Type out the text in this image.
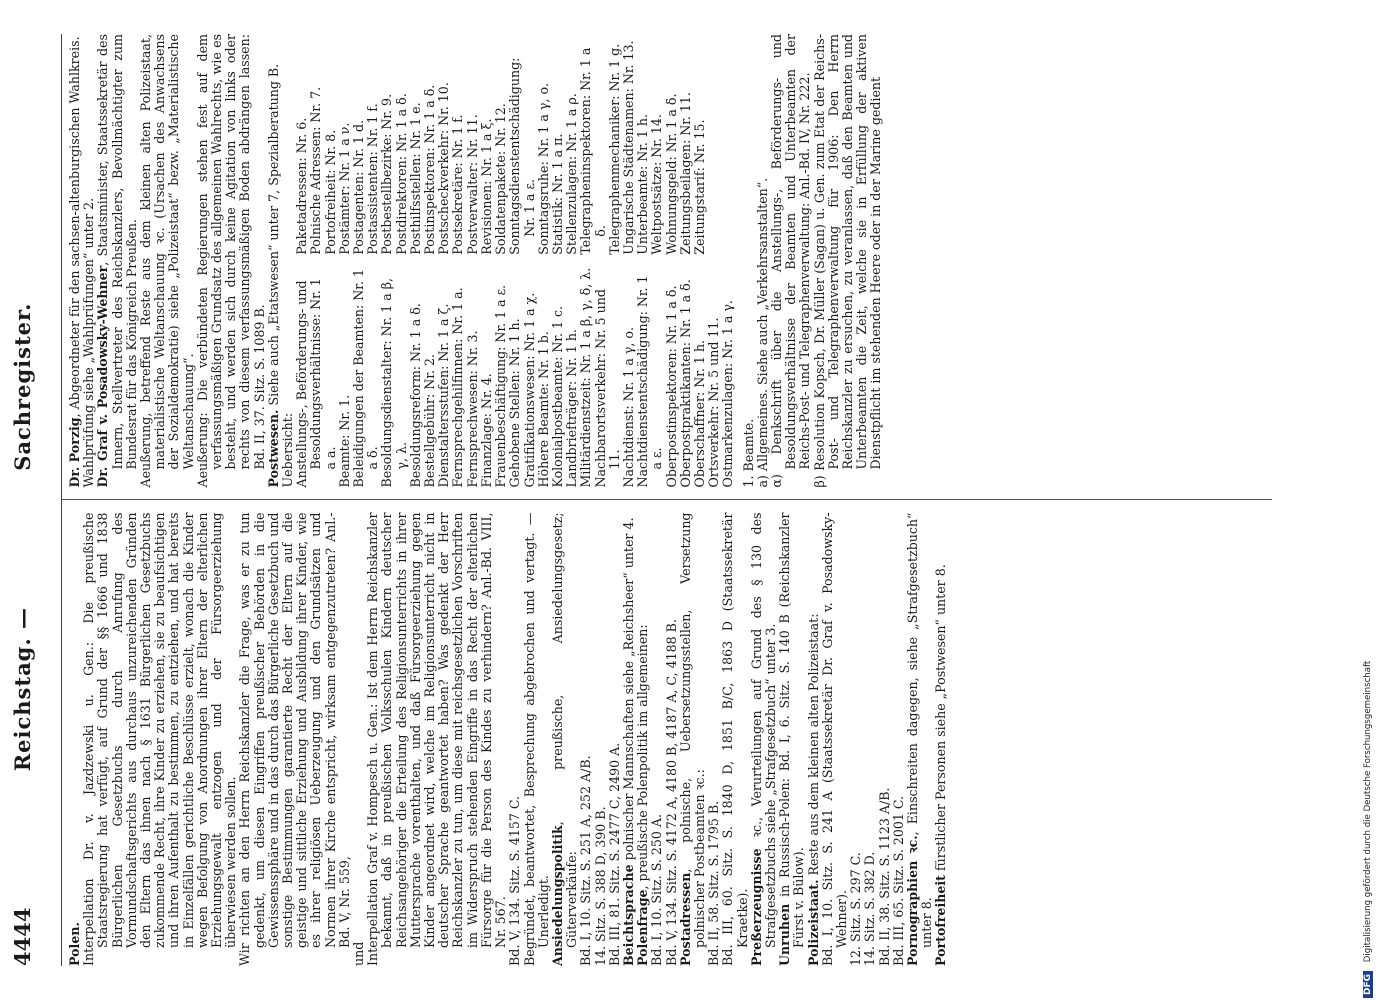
4444
Reichstag. —
Sachregister.

Polen. Interpellation Dr. v. Jazdzewski u. Gen.: Die preußische Staatsregierung hat verfügt, auf Grund der §§ 1666 und 1838 Bürgerlichen Gesetzbuchs durch Anrufung des Vormundschaftsgerichts aus durchaus unzureichenden Gründen den Eltern das ihnen nach § 1631 Bürgerlichen Gesetzbuchs zukommende Recht, ihre Kinder zu erziehen, sie zu beaufsichtigen und ihren Aufenthalt zu bestimmen, zu entziehen, und hat bereits in Einzelfällen gerichtliche Beschlüsse erzielt, wonach die Kinder wegen Befolgung von Anordnungen ihrer Eltern der elterlichen Erziehungsgewalt entzogen und der Fürsorgeerziehung überwiesen werden sollen. Wir richten an den Herrn Reichskanzler die Frage, was er zu tun gedenkt, um diesen Eingriffen preußischer Behörden in die Gewissenssphäre und in das durch das Bürgerliche Gesetzbuch und sonstige Bestimmungen garantierte Recht der Eltern auf die geistige und sittliche Erziehung und Ausbildung ihrer Kinder, wie es ihrer religiösen Ueberzeugung und den Grundsätzen und Normen ihrer Kirche entspricht, wirksam entgegenzutreten? Anl.-Bd. V, Nr. 559,

und Interpellation Graf v. Hompesch u. Gen.: Ist dem Herrn Reichskanzler bekannt, daß in preußischen Volksschulen Kindern deutscher Reichsangehöriger die Erteilung des Religionsunterrichts in ihrer Muttersprache vorenthalten, und daß Fürsorgeerziehung gegen Kinder angeordnet wird, welche im Religionsunterricht nicht in deutscher Sprache geantwortet haben? Was gedenkt der Herr Reichskanzler zu tun, um diese mit reichsgesetzlichen Vorschriften im Widerspruch stehenden Eingriffe in das Recht der elterlichen Fürsorge für die Person des Kindes zu verhindern? Anl.-Bd. VIII, Nr. 567. Bd. V, 134. Sitz. S. 4157 C. Begründet, beantwortet, Besprechung abgebrochen und vertagt. — Unerledigt. Ansiedelungspolitik, preußische, Ansiedelungsgesetz; Güterverkäufe: Bd. I, 10. Sitz. S. 251 A, 252 A/B. 14. Sitz. S. 388 D, 390 B. Bd. III, 81. Sitz. S. 2477 C, 2490 A. Beichtsprache polnischer Mannschaften siehe „Reichsheer“ unter 4.

Polenfrage, preußische Polenpolitik im allgemeinen:

Bd. I, 10. Sitz. S. 250 A. Bd. V, 134. Sitz. S. 4172 A, 4180 B, 4187 A, C, 4188 B. Postadressen, polnische, Uebersetzungsstellen, Versetzung polnischer Postbeamten ꝛc.: Bd. II, 58. Sitz. S. 1795 B. Bd. III, 60. Sitz. S. 1840 D, 1851 B/C, 1863 D (Staatssekretär Kraetke). Preßerzeugnisse ꝛc., Verurteilungen auf Grund des § 130 des Strafgesetzbuchs siehe „Strafgesetzbuch“ unter 3. Unruhen in Russisch-Polen: Bd. I, 6. Sitz. S. 140 B (Reichskanzler Fürst v. Bülow). Polizeistaat. Reste aus dem kleinen alten Polizeistaat: Bd. I, 10. Sitz. S. 241 A (Staatssekretär Dr. Graf v. Posadowsky-Wehner). 12. Sitz. S. 297 C. 14. Sitz. S. 382 D. Bd. II, 38. Sitz. S. 1123 A/B. Bd. III, 65. Sitz. S. 2001 C. Pornographien ꝛc., Einschreiten dagegen, siehe „Strafgesetzbuch“ unter 8. Portofreiheit fürstlicher Personen siehe „Postwesen“ unter 8.

Dr. Porzig, Abgeordneter für den sachsen-altenburgischen Wahlkreis. Wahlprüfung siehe „Wahlprüfungen“ unter 2. Dr. Graf v. Posadowsky-Wehner, Staatsminister, Staatssekretär des Innern, Stellvertreter des Reichskanzlers, Bevollmächtigter zum Bundesrat für das Königreich Preußen. Aeußerung, betreffend Reste aus dem kleinen alten Polizeistaat, materialistische Weltanschauung ꝛc. (Ursachen des Anwachsens der Sozialdemokratie) siehe „Polizeistaat“ bezw. „Materialistische Weltanschauung“. Aeußerung: Die verbündeten Regierungen stehen fest auf dem verfassungsmäßigen Grundsatz des allgemeinen Wahlrechts, wie es besteht, und werden sich durch keine Agitation von links oder rechts von diesem verfassungsmäßigen Boden abdrängen lassen: Bd. II, 37. Sitz. S. 1089 B. Postwesen. Siehe auch „Etatswesen“ unter 7, Spezialberatung B.

Uebersicht: Anstellungs-, Beförderungs- und Besoldungsverhältnisse: Nr. 1 a a. Beamte: Nr. 1. Beleidigungen der Beamten: Nr. 1 a δ. Besoldungsdienstalter: Nr. 1 a β, γ, λ. Besoldungsreform: Nr. 1 a δ. Bestellgebühr: Nr. 2. Dienstaltersstufen: Nr. 1 a ζ. Fernsprechgehilfinnen: Nr. 1 a. Fernsprechwesen: Nr. 3. Finanzlage: Nr. 4. Frauenbeschäftigung: Nr. 1 a ε. Gehobene Stellen: Nr. 1 h. Gratifikationswesen: Nr. 1 a χ. Höhere Beamte: Nr. 1 b. Kolonialpostbeamte: Nr. 1 c. Landbriefträger: Nr. 1 h. Militärdienstzeit: Nr. 1 a β, γ, δ, λ. Nachbarortsverkehr: Nr. 5 und 11. Nachtdienst: Nr. 1 a γ, ο. Nachtdienstentschädigung: Nr. 1 a ε. Oberpostinspektoren: Nr. 1 a δ. Oberpostpraktikanten: Nr. 1 a δ. Oberschaffner: Nr. 1 h. Ortsverkehr: Nr. 5 und 11. Ostmarkenzulagen: Nr. 1 a γ.

Paketadressen: Nr. 6. Polnische Adressen: Nr. 7. Portofreiheit: Nr. 8. Postämter: Nr. 1 a ν. Postagenten: Nr. 1 d. Postassistenten: Nr. 1 f. Postbestellbezirke: Nr. 9. Postdirektoren: Nr. 1 a δ. Posthilfsstellen: Nr. 1 e. Postinspektoren: Nr. 1 a δ. Postscheckverkehr: Nr. 10. Postsekretäre: Nr. 1 f. Postverwalter: Nr. 11. Revisionen: Nr. 1 a ξ. Soldatenpakete: Nr. 12. Sonntagsdienstentschädigung: Nr. 1 a ε. Sonntagsruhe: Nr. 1 a γ, ο. Statistik: Nr. 1 a π. Stellenzulagen: Nr. 1 a ρ. Telegrapheninspektoren: Nr. 1 a δ. Telegraphenmechaniker: Nr. 1 g. Ungarische Städtenamen: Nr. 13. Unterbeamte: Nr. 1 h. Weltpostsätze: Nr. 14. Wohnungsgeld: Nr. 1 a δ. Zeitungsbeilagen: Nr. 11. Zeitungstarif: Nr. 15.

1. Beamte. a) Allgemeines. Siehe auch „Verkehrsanstalten“. α) Denkschrift über die Anstellungs-, Beförderungs- und Besoldungsverhältnisse der Beamten und Unterbeamten der Reichs-Post- und Telegraphenverwaltung: Anl.-Bd. IV, Nr. 222. β) Resolution Kopsch, Dr. Müller (Sagan) u. Gen. zum Etat der Reichs-Post- und Telegraphenverwaltung für 1906: Den Herrn Reichskanzler zu ersuchen, zu veranlassen, daß den Beamten und Unterbeamten die Zeit, welche sie in Erfüllung der aktiven Dienstpflicht im stehenden Heere oder in der Marine gedient

DFG Digitalisierung gefördert durch die Deutsche Forschungsgemeinschaft
